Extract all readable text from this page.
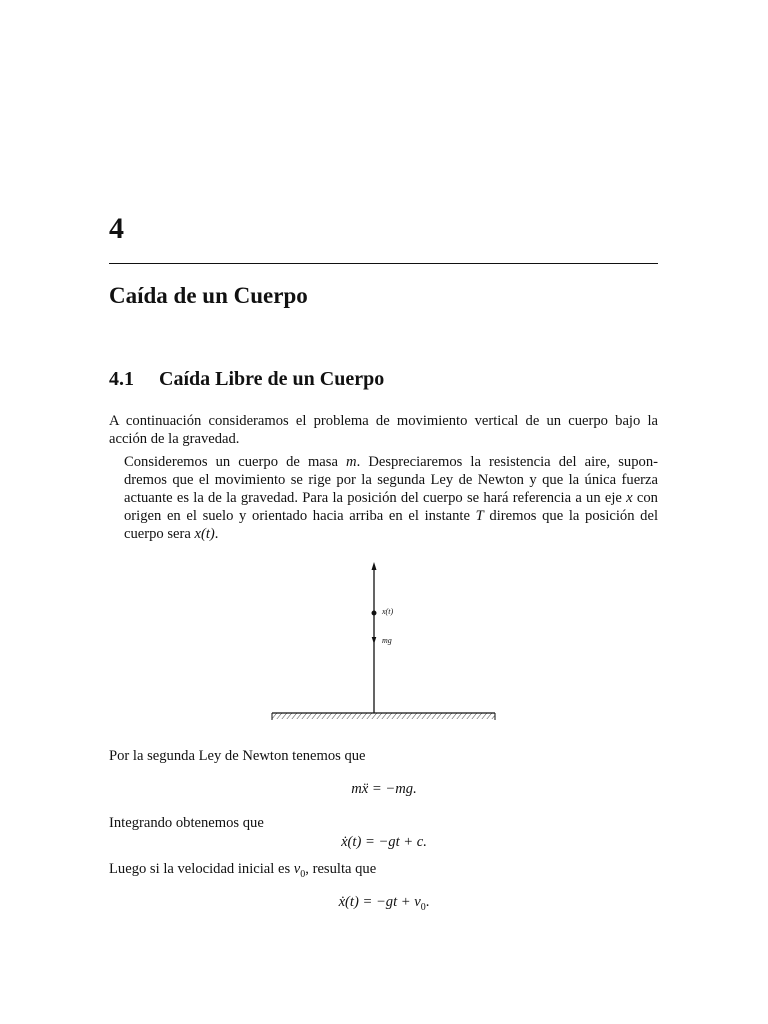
4
Caída de un Cuerpo
4.1 Caída Libre de un Cuerpo
A continuación consideramos el problema de movimiento vertical de un cuerpo bajo la
acción de la gravedad.
Consideremos un cuerpo de masa m. Despreciaremos la resistencia del aire, supon-
dremos que el movimiento se rige por la segunda Ley de Newton y que la única fuerza
actuante es la de la gravedad. Para la posición del cuerpo se hará referencia a un eje x con
origen en el suelo y orientado hacia arriba en el instante T diremos que la posición del
cuerpo sera x(t).
x(t)
mg
Por la segunda Ley de Newton tenemos que
mẍ = −mg.
Integrando obtenemos que
ẋ(t) = −gt + c.
Luego si la velocidad inicial es $v_0$, resulta que
ẋ(t) = $-gt + v_0$.
